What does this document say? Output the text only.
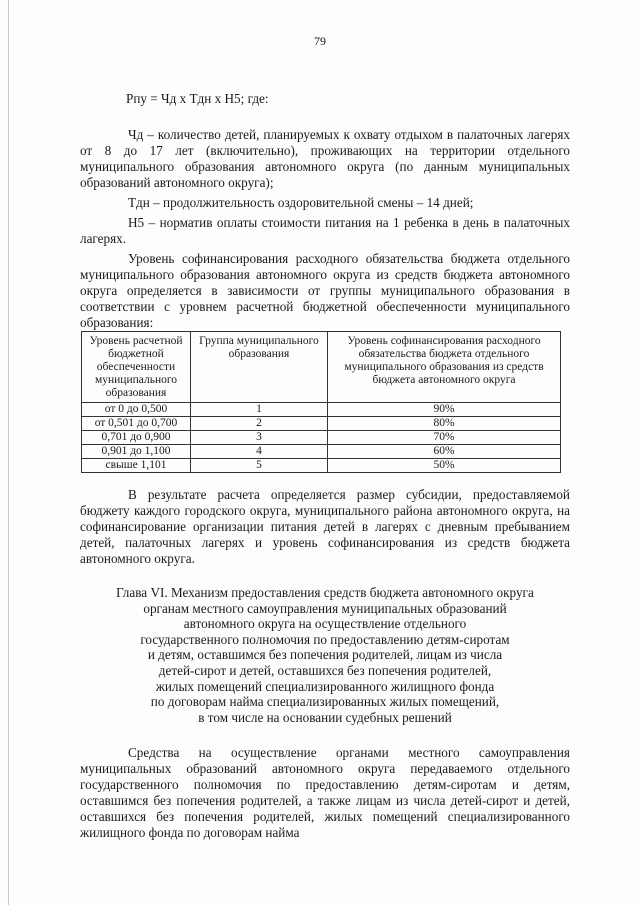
79
Рпу = Чд х Тдн х Н5; где:

Чд – количество детей, планируемых к охвату отдыхом в палаточных лагерях от 8 до 17 лет (включительно), проживающих на территории отдельного муниципального образования автономного округа (по данным муниципальных образований автономного округа);

Тдн – продолжительность оздоровительной смены – 14 дней;

Н5 – норматив оплаты стоимости питания на 1 ребенка в день в палаточных лагерях.

Уровень софинансирования расходного обязательства бюджета отдельного муниципального образования автономного округа из средств бюджета автономного округа определяется в зависимости от группы муниципального образования в соответствии с уровнем расчетной бюджетной обеспеченности муниципального образования:

Уровень расчетной бюджетной обеспеченности муниципального образования	Группа муниципального образования	Уровень софинансирования расходного обязательства бюджета отдельного муниципального образования из средств бюджета автономного округа
от 0 до 0,500	1	90%
от 0,501 до 0,700	2	80%
0,701 до 0,900	3	70%
0,901 до 1,100	4	60%
свыше 1,101	5	50%

В результате расчета определяется размер субсидии, предоставляемой бюджету каждого городского округа, муниципального района автономного округа, на софинансирование организации питания детей в лагерях с дневным пребыванием детей, палаточных лагерях и уровень софинансирования из средств бюджета автономного округа.

Глава VI. Механизм предоставления средств бюджета автономного округа
органам местного самоуправления муниципальных образований
автономного округа на осуществление отдельного
государственного полномочия по предоставлению детям-сиротам
и детям, оставшимся без попечения родителей, лицам из числа
детей-сирот и детей, оставшихся без попечения родителей,
жилых помещений специализированного жилищного фонда
по договорам найма специализированных жилых помещений,
в том числе на основании судебных решений

Средства на осуществление органами местного самоуправления муниципальных образований автономного округа передаваемого отдельного государственного полномочия по предоставлению детям-сиротам и детям, оставшимся без попечения родителей, а также лицам из числа детей-сирот и детей, оставшихся без попечения родителей, жилых помещений специализированного жилищного фонда по договорам найма
